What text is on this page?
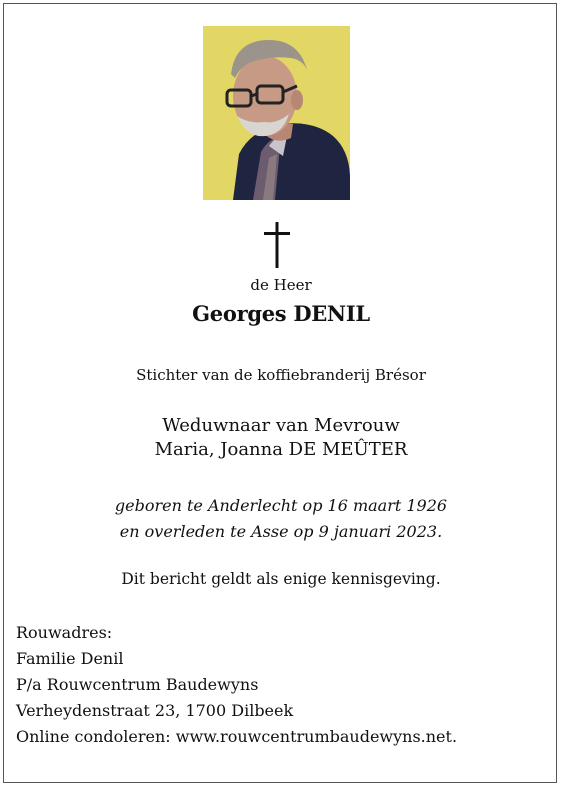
de Heer
Georges DENIL
Stichter van de koffiebranderij Brésor
Weduwnaar van Mevrouw
Maria, Joanna DE MEÛTER
geboren te Anderlecht op 16 maart 1926
en overleden te Asse op 9 januari 2023.
Dit bericht geldt als enige kennisgeving.
Rouwadres:
Familie Denil
P/a Rouwcentrum Baudewyns
Verheydenstraat 23, 1700 Dilbeek
Online condoleren: www.rouwcentrumbaudewyns.net.
